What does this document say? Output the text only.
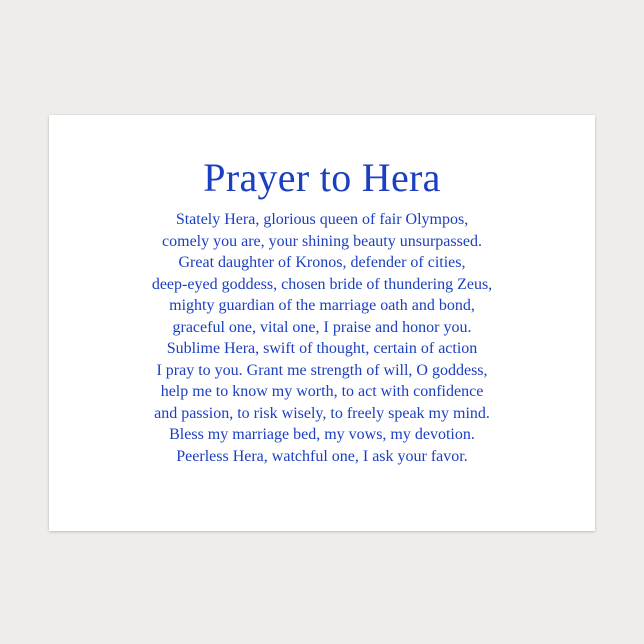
Prayer to Hera
Stately Hera, glorious queen of fair Olympos,
comely you are, your shining beauty unsurpassed.
Great daughter of Kronos, defender of cities,
deep-eyed goddess, chosen bride of thundering Zeus,
mighty guardian of the marriage oath and bond,
graceful one, vital one, I praise and honor you.
Sublime Hera, swift of thought, certain of action
I pray to you. Grant me strength of will, O goddess,
help me to know my worth, to act with confidence
and passion, to risk wisely, to freely speak my mind.
Bless my marriage bed, my vows, my devotion.
Peerless Hera, watchful one, I ask your favor.
